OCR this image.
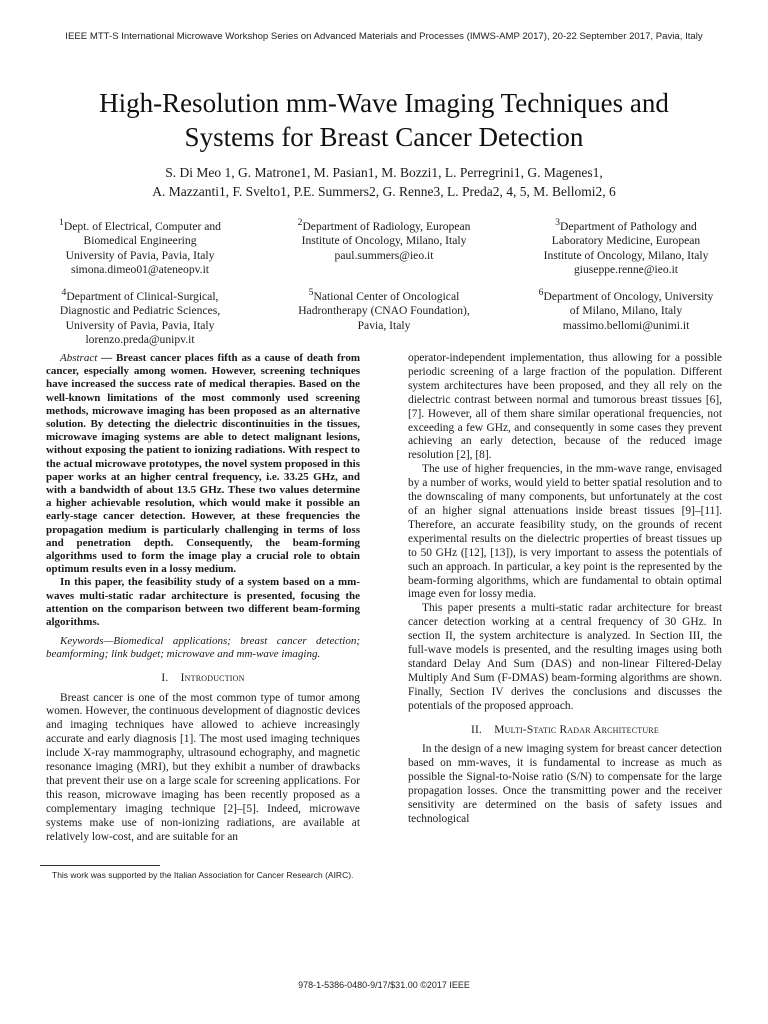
IEEE MTT-S International Microwave Workshop Series on Advanced Materials and Processes (IMWS-AMP 2017), 20-22 September 2017, Pavia, Italy
High-Resolution mm-Wave Imaging Techniques and
Systems for Breast Cancer Detection
S. Di Meo 1, G. Matrone1, M. Pasian1, M. Bozzi1, L. Perregrini1, G. Magenes1,
A. Mazzanti1, F. Svelto1, P.E. Summers2, G. Renne3, L. Preda2, 4, 5, M. Bellomi2, 6
$^1$Dept. of Electrical, Computer and
Biomedical Engineering
University of Pavia, Pavia, Italy
simona.dimeo01@ateneopv.it
$^2$Department of Radiology, European
Institute of Oncology, Milano, Italy
paul.summers@ieo.it
$^3$Department of Pathology and
Laboratory Medicine, European
Institute of Oncology, Milano, Italy
giuseppe.renne@ieo.it
$^4$Department of Clinical-Surgical,
Diagnostic and Pediatric Sciences,
University of Pavia, Pavia, Italy
lorenzo.preda@unipv.it
$^5$National Center of Oncological
Hadrontherapy (CNAO Foundation),
Pavia, Italy
$^6$Department of Oncology, University
of Milano, Milano, Italy
massimo.bellomi@unimi.it

Abstract — Breast cancer places fifth as a cause of death from cancer, especially among women. However, screening techniques have increased the success rate of medical therapies. Based on the well-known limitations of the most commonly used screening methods, microwave imaging has been proposed as an alternative solution. By detecting the dielectric discontinuities in the tissues, microwave imaging systems are able to detect malignant lesions, without exposing the patient to ionizing radiations. With respect to the actual microwave prototypes, the novel system proposed in this paper works at an higher central frequency, i.e. 33.25 GHz, and with a bandwidth of about 13.5 GHz. These two values determine a higher achievable resolution, which would make it possible an early-stage cancer detection. However, at these frequencies the propagation medium is particularly challenging in terms of loss and penetration depth. Consequently, the beam-forming algorithms used to form the image play a crucial role to obtain optimum results even in a lossy medium.

In this paper, the feasibility study of a system based on a mm-waves multi-static radar architecture is presented, focusing the attention on the comparison between two different beam-forming algorithms.

Keywords—Biomedical applications; breast cancer detection; beamforming; link budget; microwave and mm-wave imaging.

I. Introduction

Breast cancer is one of the most common type of tumor among women. However, the continuous development of diagnostic devices and imaging techniques have allowed to achieve increasingly accurate and early diagnosis [1]. The most used imaging techniques include X-ray mammography, ultrasound echography, and magnetic resonance imaging (MRI), but they exhibit a number of drawbacks that prevent their use on a large scale for screening applications. For this reason, microwave imaging has been recently proposed as a complementary imaging technique [2]–[5]. Indeed, microwave systems make use of non-ionizing radiations, are available at relatively low-cost, and are suitable for an

operator-independent implementation, thus allowing for a possible periodic screening of a large fraction of the population. Different system architectures have been proposed, and they all rely on the dielectric contrast between normal and tumorous breast tissues [6], [7]. However, all of them share similar operational frequencies, not exceeding a few GHz, and consequently in some cases they prevent achieving an early detection, because of the reduced image resolution [2], [8].

The use of higher frequencies, in the mm-wave range, envisaged by a number of works, would yield to better spatial resolution and to the downscaling of many components, but unfortunately at the cost of an higher signal attenuations inside breast tissues [9]–[11]. Therefore, an accurate feasibility study, on the grounds of recent experimental results on the dielectric properties of breast tissues up to 50 GHz ([12], [13]), is very important to assess the potentials of such an approach. In particular, a key point is the represented by the beam-forming algorithms, which are fundamental to obtain optimal image even for lossy media.

This paper presents a multi-static radar architecture for breast cancer detection working at a central frequency of 30 GHz. In section II, the system architecture is analyzed. In Section III, the full-wave models is presented, and the resulting images using both standard Delay And Sum (DAS) and non-linear Filtered-Delay Multiply And Sum (F-DMAS) beam-forming algorithms are shown. Finally, Section IV derives the conclusions and discusses the potentials of the proposed approach.

II. Multi-Static Radar Architecture

In the design of a new imaging system for breast cancer detection based on mm-waves, it is fundamental to increase as much as possible the Signal-to-Noise ratio (S/N) to compensate for the large propagation losses. Once the transmitting power and the receiver sensitivity are determined on the basis of safety issues and technological

This work was supported by the Italian Association for Cancer Research (AIRC).
978-1-5386-0480-9/17/$31.00 ©2017 IEEE
